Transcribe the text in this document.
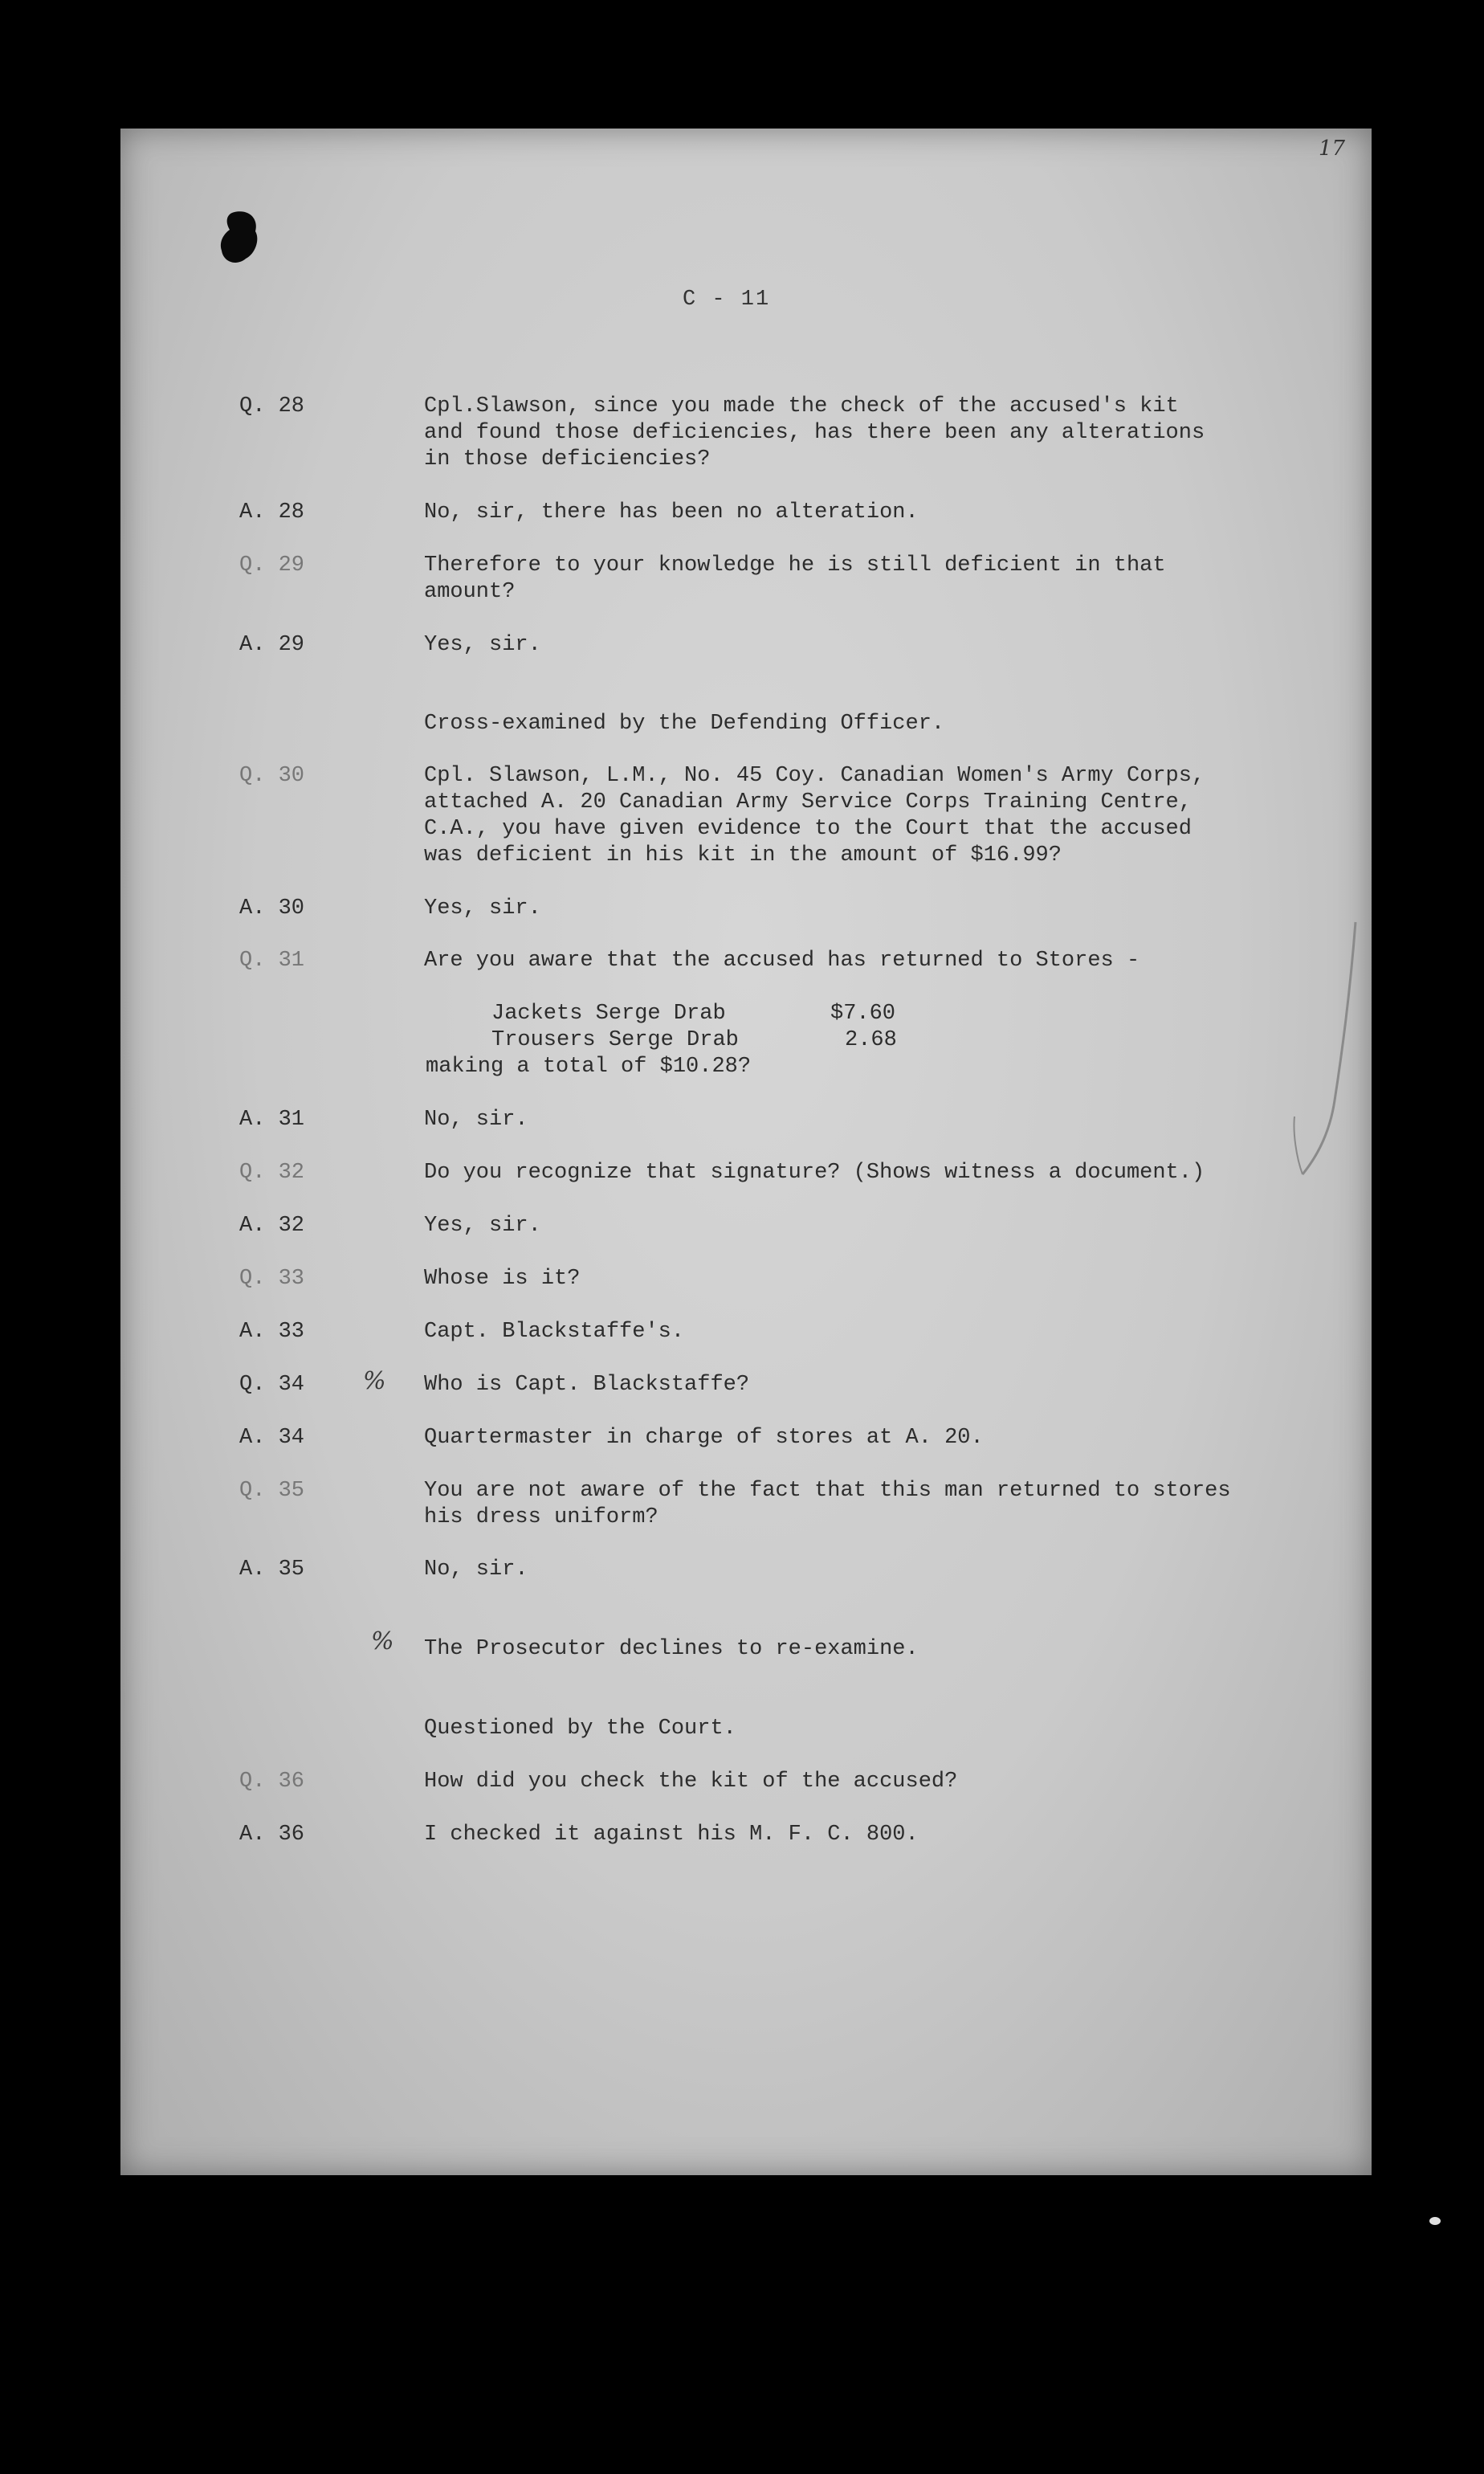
17
C - 11
Q. 28	Cpl.Slawson, since you made the check of the accused's kit
and found those deficiencies, has there been any alterations
in those deficiencies?
A. 28	No, sir, there has been no alteration.
Q. 29	Therefore to your knowledge he is still deficient in that
amount?
A. 29	Yes, sir.
Cross-examined by the Defending Officer.
Q. 30	Cpl. Slawson, L.M., No. 45 Coy. Canadian Women's Army Corps,
attached A. 20 Canadian Army Service Corps Training Centre,
C.A., you have given evidence to the Court that the accused
was deficient in his kit in the amount of $16.99?
A. 30	Yes, sir.
Q. 31	Are you aware that the accused has returned to Stores -
Jackets Serge Drab	$7.60
Trousers Serge Drab	2.68
making a total of $10.28?
A. 31	No, sir.
Q. 32	Do you recognize that signature? (Shows witness a document.)
A. 32	Yes, sir.
Q. 33	Whose is it?
A. 33	Capt. Blackstaffe's.
Q. 34	Who is Capt. Blackstaffe?
%
A. 34	Quartermaster in charge of stores at A. 20.
Q. 35	You are not aware of the fact that this man returned to stores
his dress uniform?
A. 35	No, sir.
The Prosecutor declines to re-examine.
%
Questioned by the Court.
Q. 36	How did you check the kit of the accused?
A. 36	I checked it against his M. F. C. 800.
